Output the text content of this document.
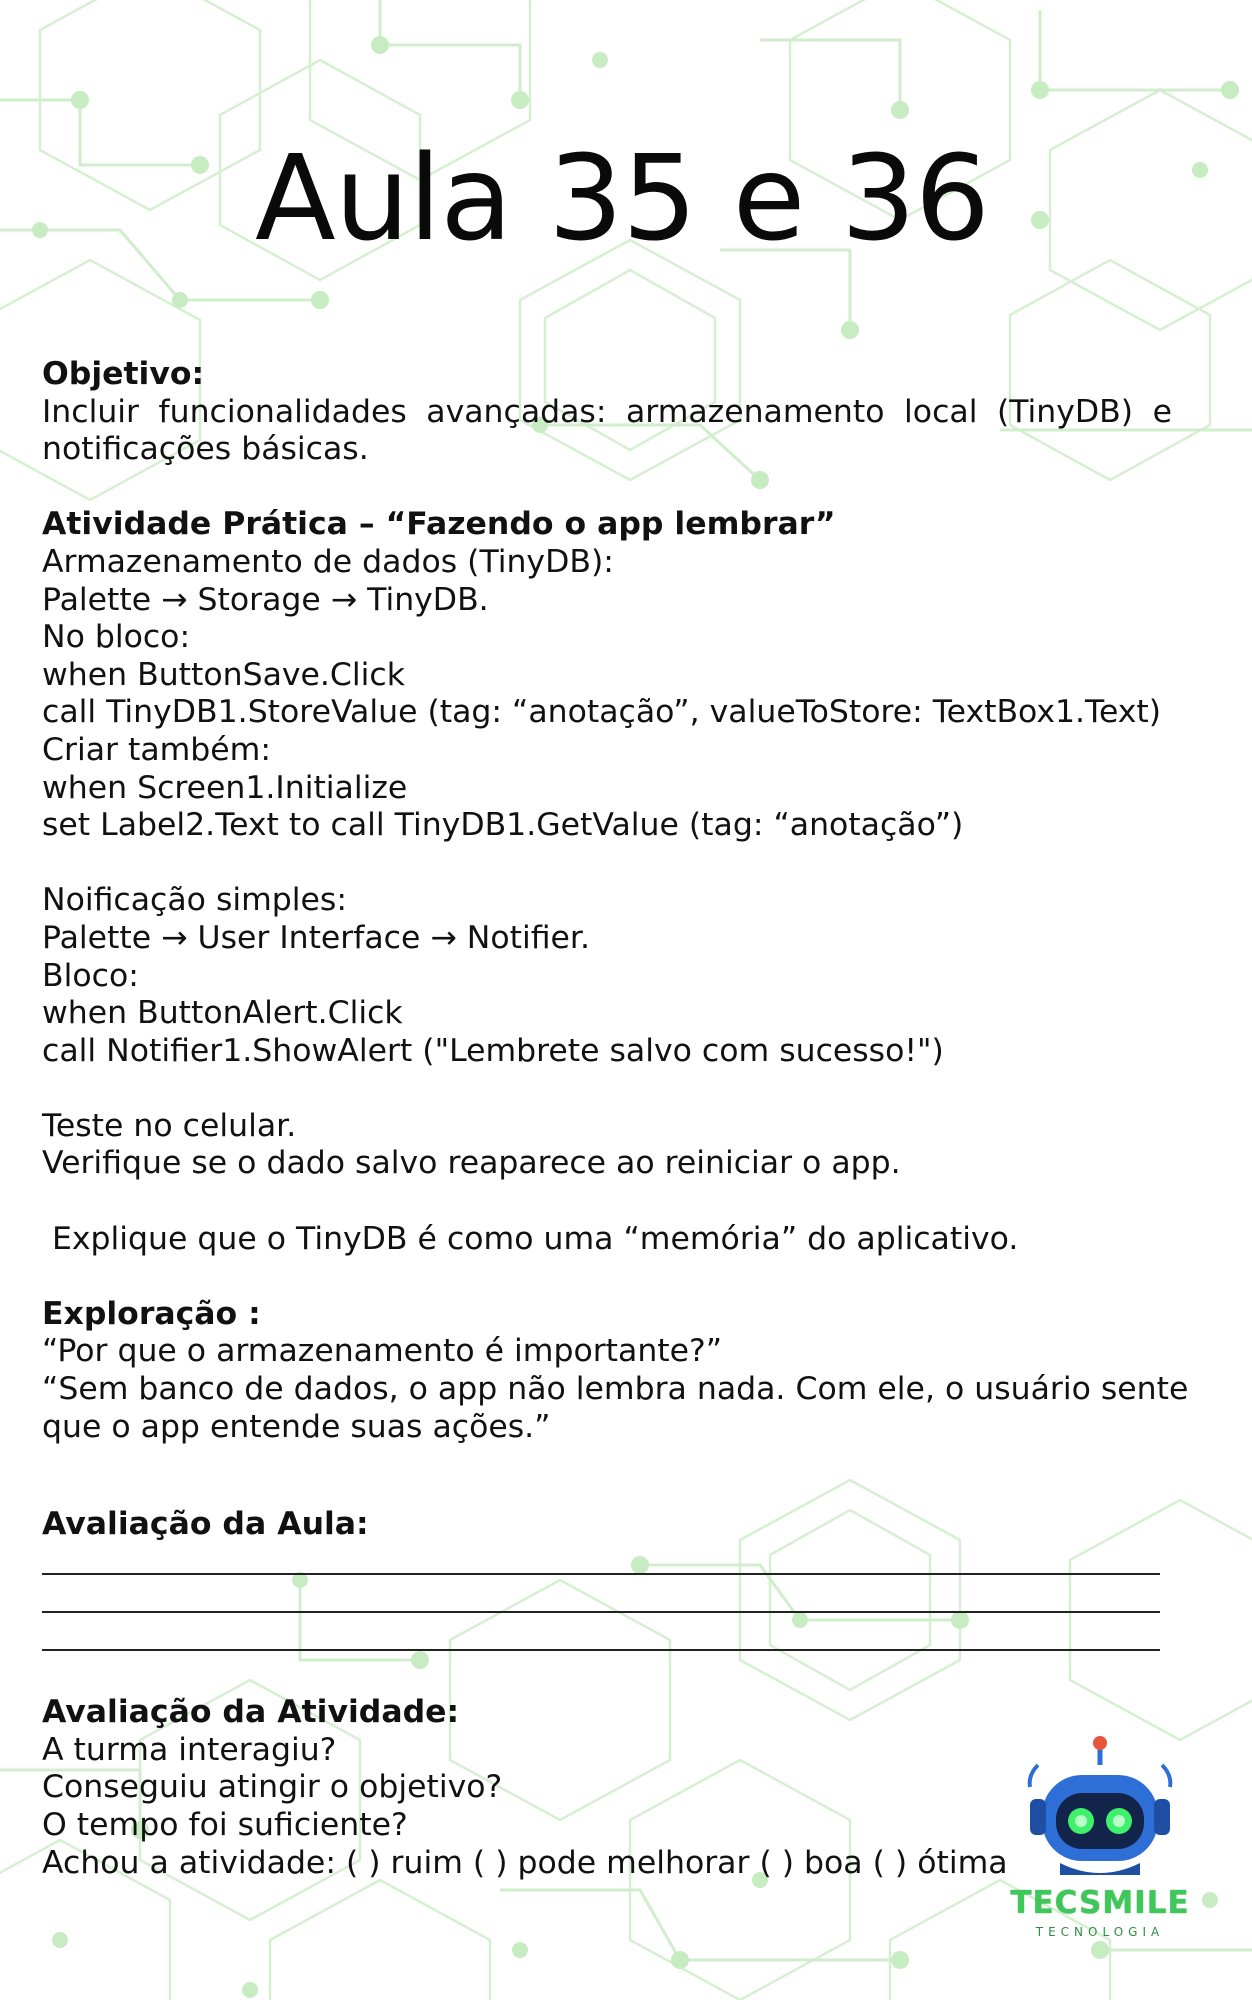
Aula 35 e 36
Objetivo:
Incluir funcionalidades avançadas: armazenamento local (TinyDB) e notificações básicas.
Atividade Prática – “Fazendo o app lembrar”
Armazenamento de dados (TinyDB):
Palette → Storage → TinyDB.
No bloco:
when ButtonSave.Click
call TinyDB1.StoreValue (tag: “anotação”, valueToStore: TextBox1.Text)
Criar também:
when Screen1.Initialize
set Label2.Text to call TinyDB1.GetValue (tag: “anotação”)
Noificação simples:
Palette → User Interface → Notifier.
Bloco:
when ButtonAlert.Click
call Notifier1.ShowAlert ("Lembrete salvo com sucesso!")
Teste no celular.
Verifique se o dado salvo reaparece ao reiniciar o app.
Explique que o TinyDB é como uma “memória” do aplicativo.
Exploração :
“Por que o armazenamento é importante?”
“Sem banco de dados, o app não lembra nada. Com ele, o usuário sente
que o app entende suas ações.”
Avaliação da Aula:
Avaliação da Atividade:
A turma interagiu?
Conseguiu atingir o objetivo?
O tempo foi suficiente?
Achou a atividade: ( ) ruim ( ) pode melhorar ( ) boa ( ) ótima
TECSMILE
TECNOLOGIA
